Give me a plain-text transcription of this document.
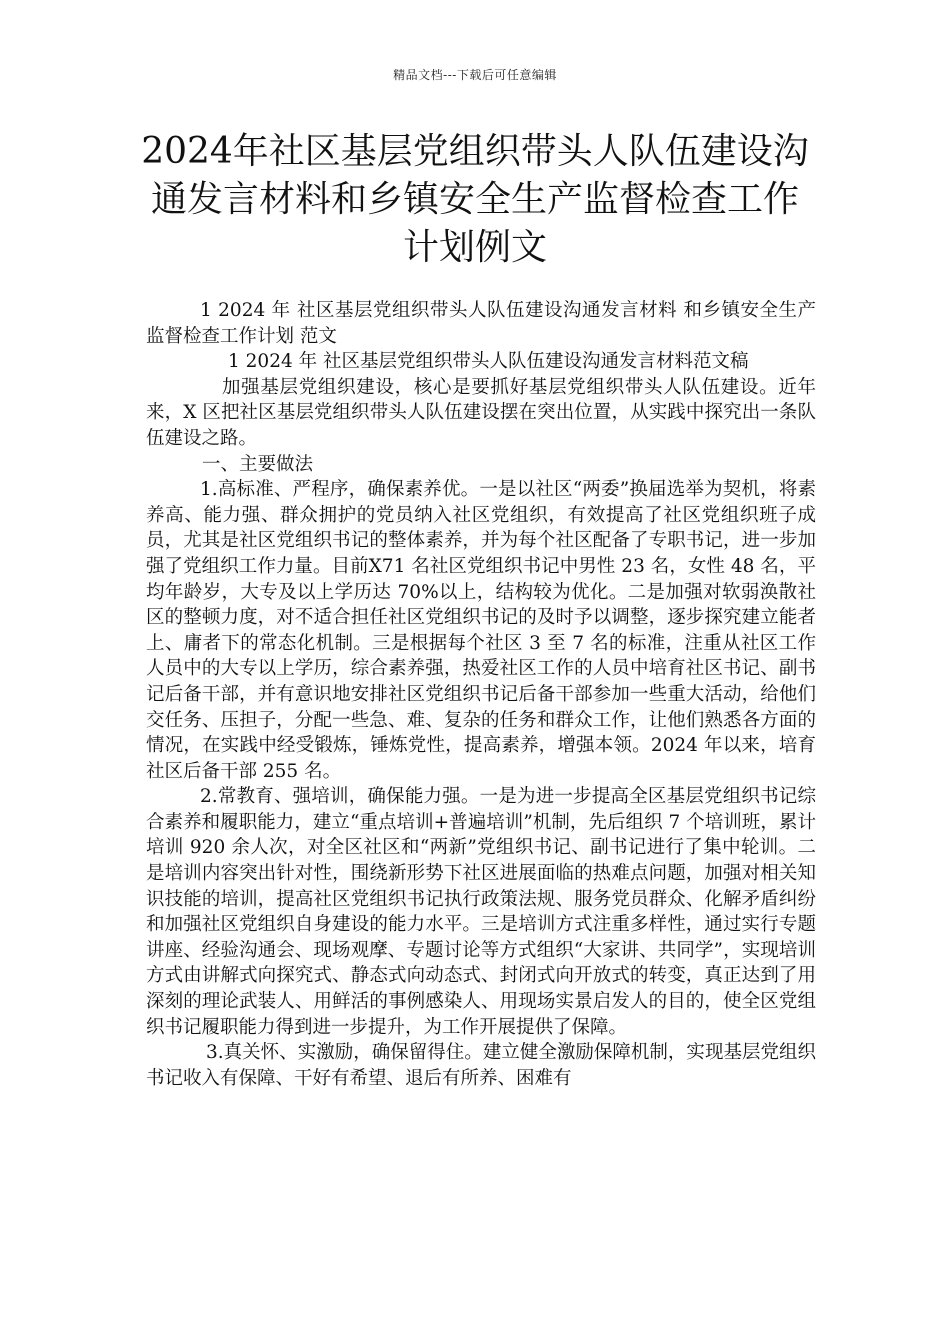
精品文档---下载后可任意编辑
2024年社区基层党组织带头人队伍建设沟通发言材料和乡镇安全生产监督检查工作计划例文

1 2024 年 社区基层党组织带头人队伍建设沟通发言材料 和乡镇安全生产监督检查工作计划 范文

1 2024 年 社区基层党组织带头人队伍建设沟通发言材料范文稿

加强基层党组织建设，核心是要抓好基层党组织带头人队伍建设。近年来，X 区把社区基层党组织带头人队伍建设摆在突出位置，从实践中探究出一条队伍建设之路。

一、主要做法

1.高标准、严程序，确保素养优。一是以社区“两委”换届选举为契机，将素养高、能力强、群众拥护的党员纳入社区党组织，有效提高了社区党组织班子成员，尤其是社区党组织书记的整体素养，并为每个社区配备了专职书记，进一步加强了党组织工作力量。目前X71 名社区党组织书记中男性 23 名，女性 48 名，平均年龄岁，大专及以上学历达 70%以上，结构较为优化。二是加强对软弱涣散社区的整顿力度，对不适合担任社区党组织书记的及时予以调整，逐步探究建立能者上、庸者下的常态化机制。三是根据每个社区 3 至 7 名的标准，注重从社区工作人员中的大专以上学历，综合素养强，热爱社区工作的人员中培育社区书记、副书记后备干部，并有意识地安排社区党组织书记后备干部参加一些重大活动，给他们交任务、压担子，分配一些急、难、复杂的任务和群众工作，让他们熟悉各方面的情况，在实践中经受锻炼，锤炼党性，提高素养，增强本领。2024 年以来，培育社区后备干部 255 名。

2.常教育、强培训，确保能力强。一是为进一步提高全区基层党组织书记综合素养和履职能力，建立“重点培训+普遍培训”机制，先后组织 7 个培训班，累计培训 920 余人次，对全区社区和“两新”党组织书记、副书记进行了集中轮训。二是培训内容突出针对性，围绕新形势下社区进展面临的热难点问题，加强对相关知识技能的培训，提高社区党组织书记执行政策法规、服务党员群众、化解矛盾纠纷和加强社区党组织自身建设的能力水平。三是培训方式注重多样性，通过实行专题讲座、经验沟通会、现场观摩、专题讨论等方式组织“大家讲、共同学”，实现培训方式由讲解式向探究式、静态式向动态式、封闭式向开放式的转变，真正达到了用深刻的理论武装人、用鲜活的事例感染人、用现场实景启发人的目的，使全区党组织书记履职能力得到进一步提升，为工作开展提供了保障。

3.真关怀、实激励，确保留得住。建立健全激励保障机制，实现基层党组织书记收入有保障、干好有希望、退后有所养、困难有
